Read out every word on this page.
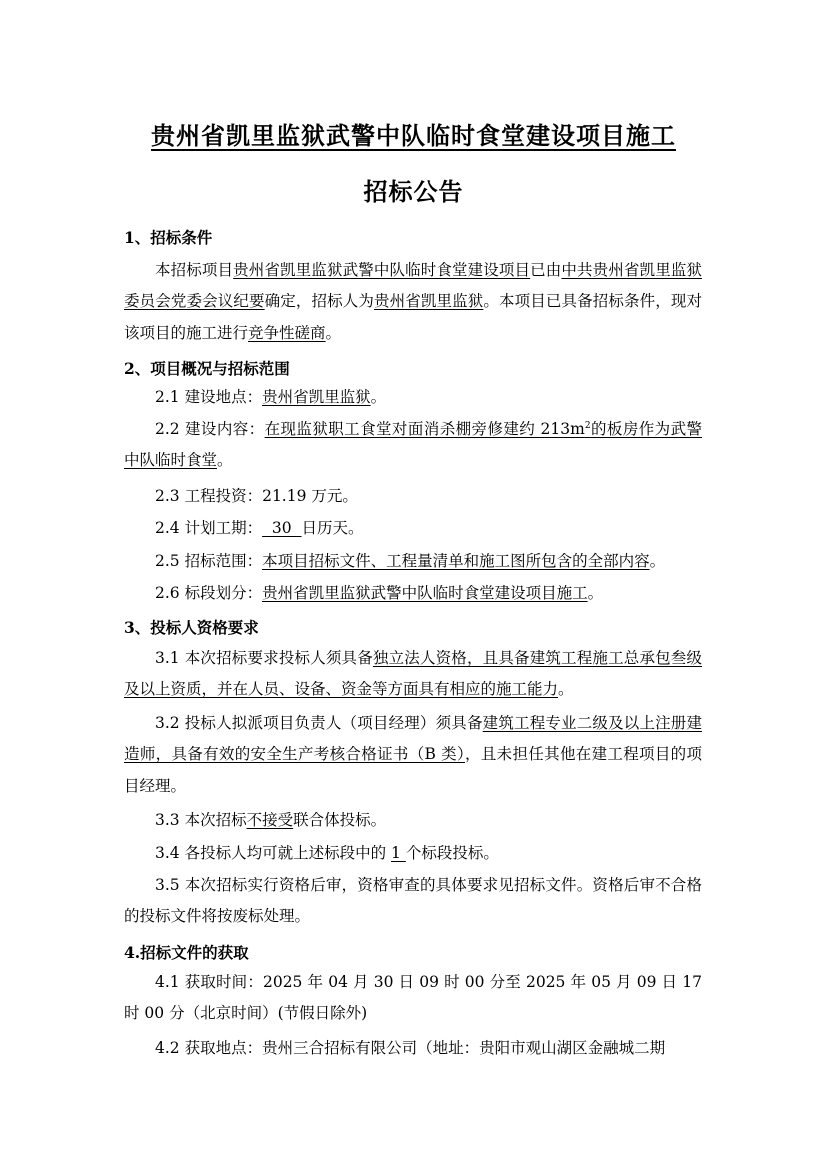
贵州省凯里监狱武警中队临时食堂建设项目施工
招标公告
1、招标条件
本招标项目贵州省凯里监狱武警中队临时食堂建设项目已由中共贵州省凯里监狱委员会党委会议纪要确定，招标人为贵州省凯里监狱。本项目已具备招标条件，现对该项目的施工进行竞争性磋商。
2、项目概况与招标范围
2.1 建设地点：贵州省凯里监狱。
2.2 建设内容：在现监狱职工食堂对面消杀棚旁修建约 $213m^2$的板房作为武警中队临时食堂。
2.3 工程投资：21.19 万元。
2.4 计划工期：  30  日历天。
2.5 招标范围：本项目招标文件、工程量清单和施工图所包含的全部内容。
2.6 标段划分：贵州省凯里监狱武警中队临时食堂建设项目施工。
3、投标人资格要求
3.1 本次招标要求投标人须具备独立法人资格，且具备建筑工程施工总承包叁级及以上资质，并在人员、设备、资金等方面具有相应的施工能力。
3.2 投标人拟派项目负责人（项目经理）须具备建筑工程专业二级及以上注册建造师，具备有效的安全生产考核合格证书（B 类），且未担任其他在建工程项目的项目经理。
3.3 本次招标不接受联合体投标。
3.4 各投标人均可就上述标段中的 1 个标段投标。
3.5 本次招标实行资格后审，资格审查的具体要求见招标文件。资格后审不合格的投标文件将按废标处理。
4.招标文件的获取
4.1 获取时间：2025 年 04 月 30 日 09 时 00 分至 2025 年 05 月 09 日 17 时 00 分（北京时间）(节假日除外)
4.2 获取地点：贵州三合招标有限公司（地址：贵阳市观山湖区金融城二期
